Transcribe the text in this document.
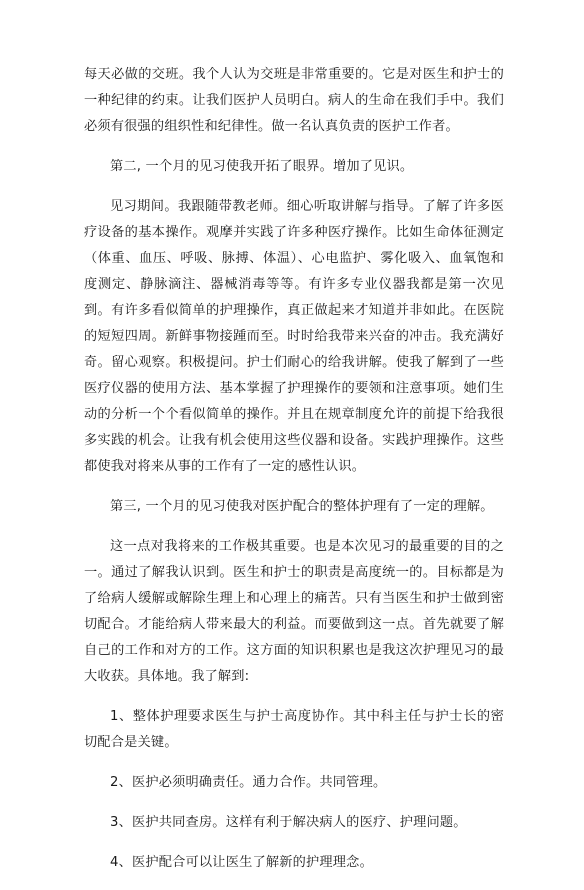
每天必做的交班。我个人认为交班是非常重要的。它是对医生和护士的一种纪律的约束。让我们医护人员明白。病人的生命在我们手中。我们必须有很强的组织性和纪律性。做一名认真负责的医护工作者。

第二, 一个月的见习使我开拓了眼界。增加了见识。

见习期间。我跟随带教老师。细心听取讲解与指导。了解了许多医疗设备的基本操作。观摩并实践了许多种医疗操作。比如生命体征测定（体重、血压、呼吸、脉搏、体温）、心电监护、雾化吸入、血氧饱和度测定、静脉滴注、器械消毒等等。有许多专业仪器我都是第一次见到。有许多看似简单的护理操作，真正做起来才知道并非如此。在医院的短短四周。新鲜事物接踵而至。时时给我带来兴奋的冲击。我充满好奇。留心观察。积极提问。护士们耐心的给我讲解。使我了解到了一些医疗仪器的使用方法、基本掌握了护理操作的要领和注意事项。她们生动的分析一个个看似简单的操作。并且在规章制度允许的前提下给我很多实践的机会。让我有机会使用这些仪器和设备。实践护理操作。这些都使我对将来从事的工作有了一定的感性认识。

第三, 一个月的见习使我对医护配合的整体护理有了一定的理解。

这一点对我将来的工作极其重要。也是本次见习的最重要的目的之一。通过了解我认识到。医生和护士的职责是高度统一的。目标都是为了给病人缓解或解除生理上和心理上的痛苦。只有当医生和护士做到密切配合。才能给病人带来最大的利益。而要做到这一点。首先就要了解自己的工作和对方的工作。这方面的知识积累也是我这次护理见习的最大收获。具体地。我了解到:

1、整体护理要求医生与护士高度协作。其中科主任与护士长的密切配合是关键。

2、医护必须明确责任。通力合作。共同管理。

3、医护共同查房。这样有利于解决病人的医疗、护理问题。

4、医护配合可以让医生了解新的护理理念。
